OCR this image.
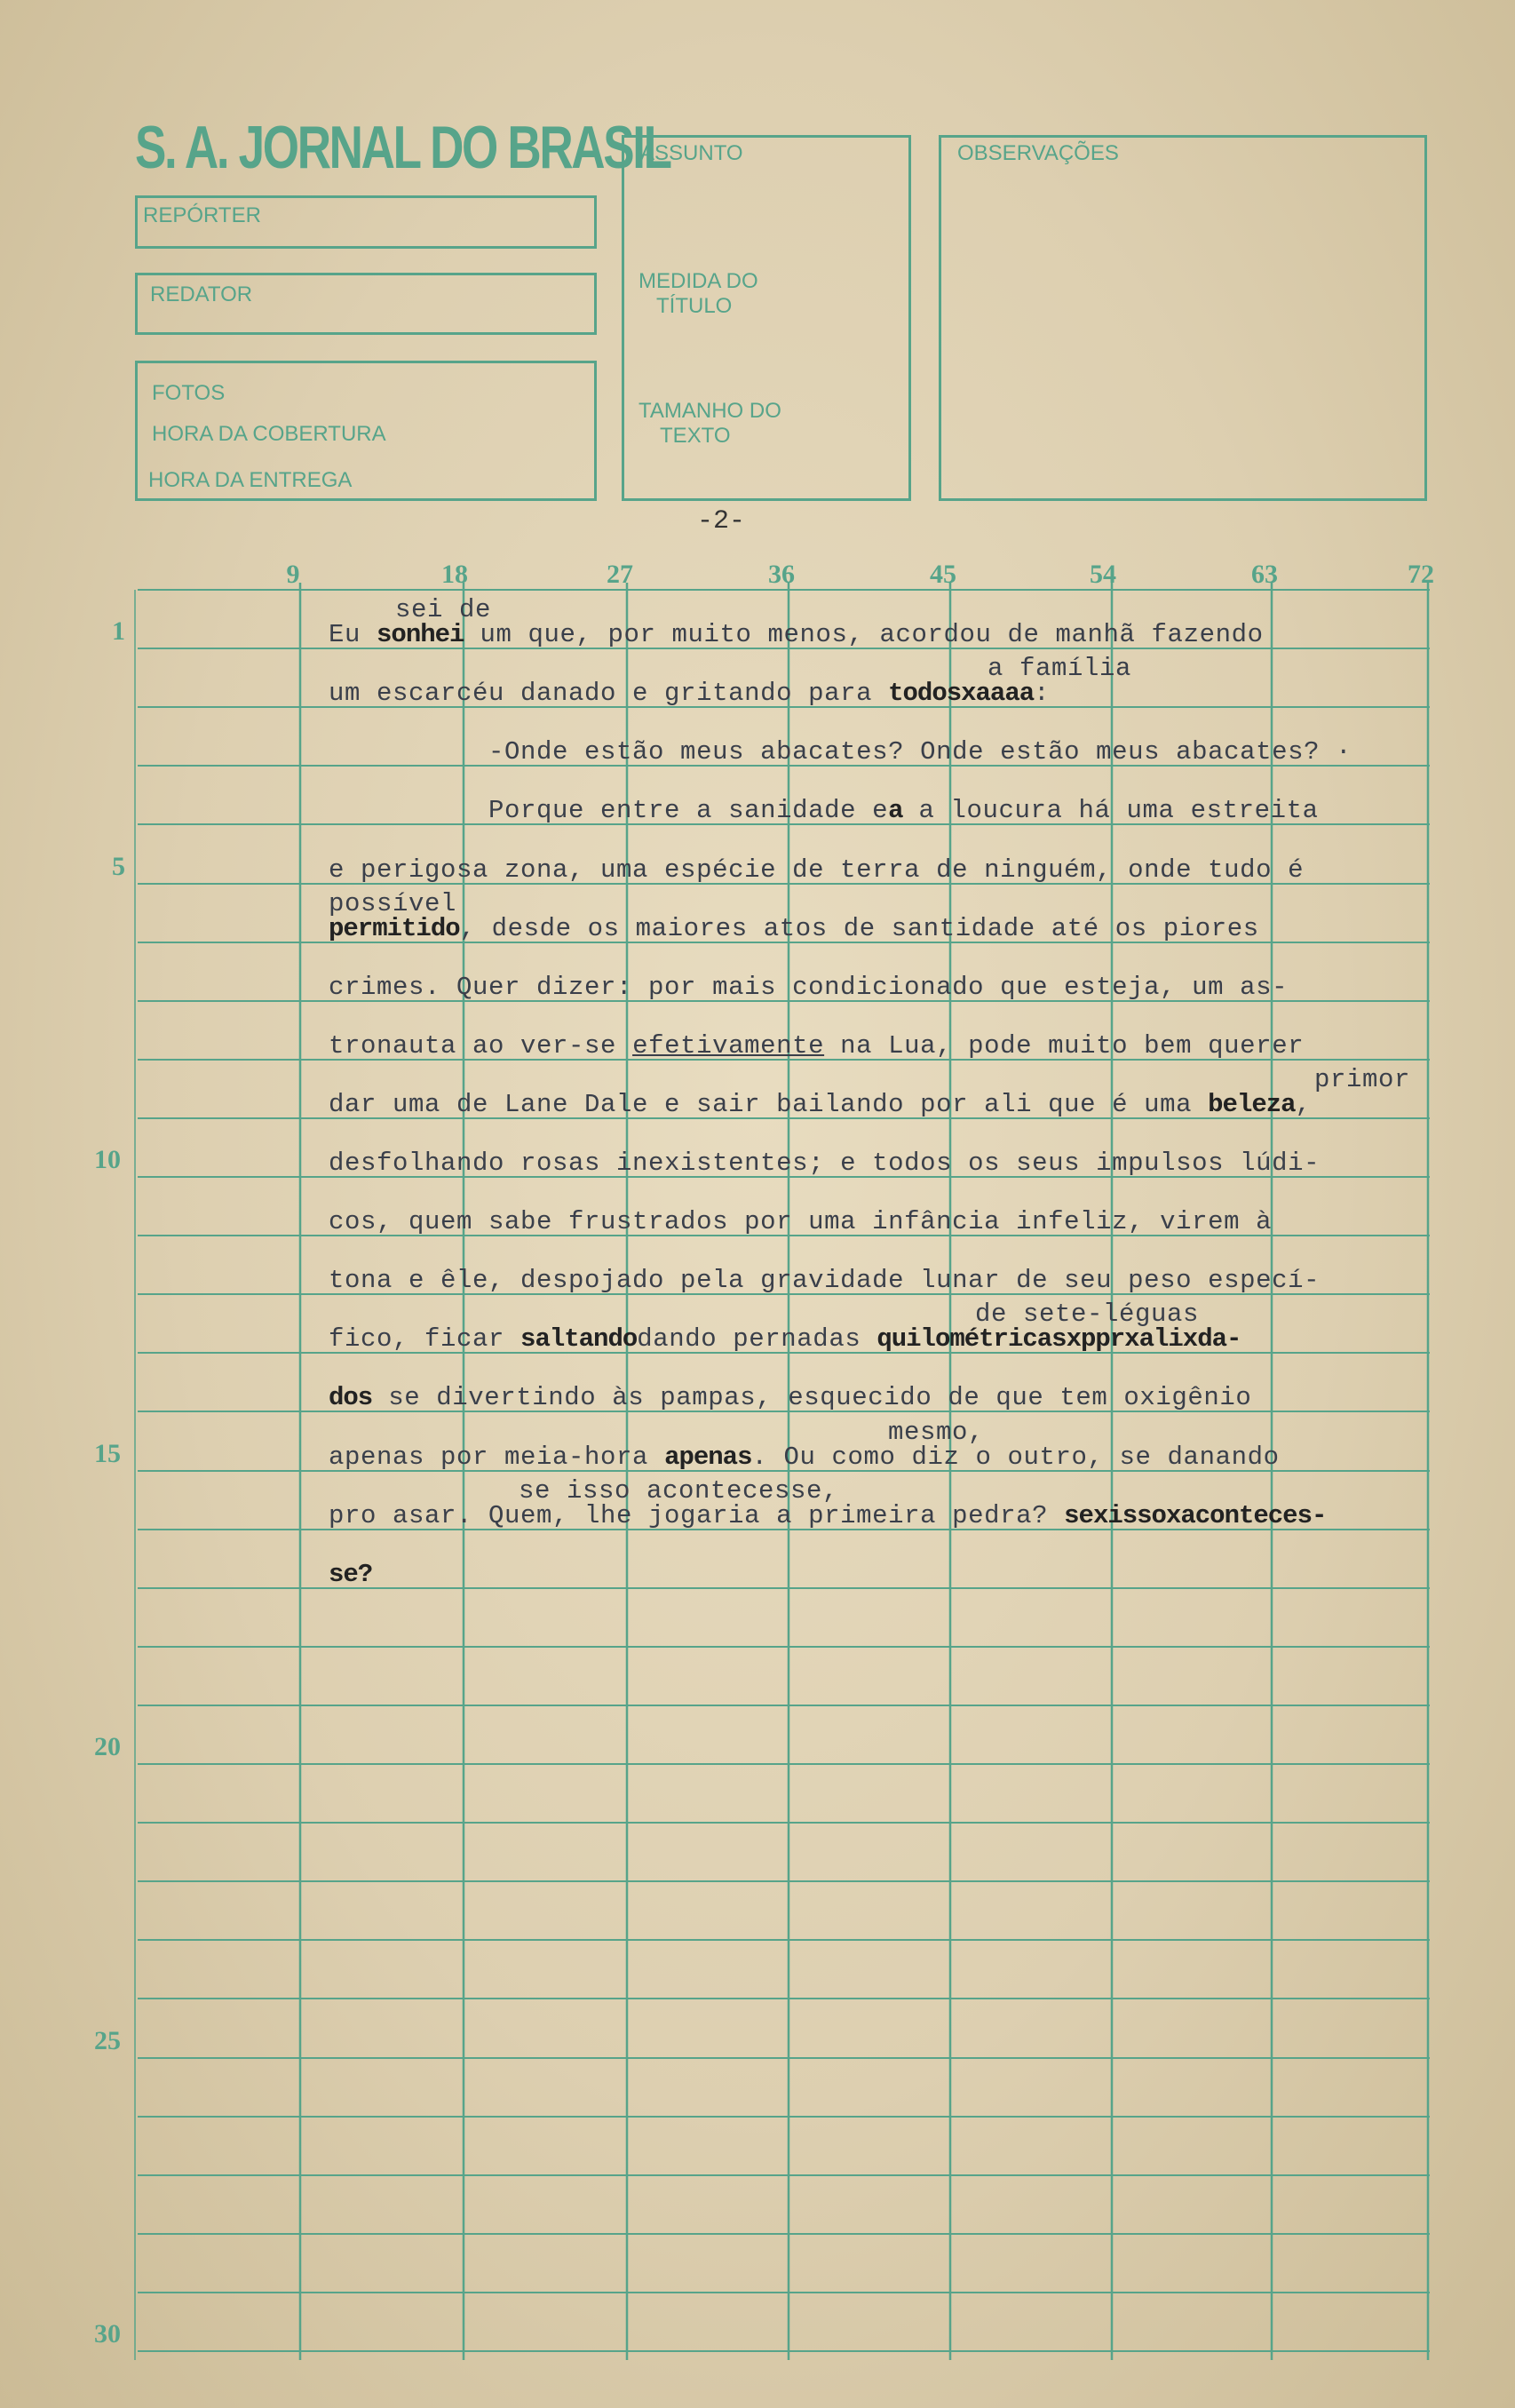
S. A. JORNAL DO BRASIL
REPÓRTER
REDATOR
FOTOS
HORA DA COBERTURA
HORA DA ENTREGA
ASSUNTO
MEDIDA DO
TÍTULO
TAMANHO DO
TEXTO
OBSERVAÇÕES
-2-
9	18	27	36	45	54	63	72
1
5
10
15
20
25
30
Eu sonhei um que, por muito menos, acordou de manhã fazendo
um escarcéu danado e gritando para todosxaaaa:
-Onde estão meus abacates? Onde estão meus abacates? ·
Porque entre a sanidade ea a loucura há uma estreita
e perigosa zona, uma espécie de terra de ninguém, onde tudo é
permitido, desde os maiores atos de santidade até os piores
crimes. Quer dizer: por mais condicionado que esteja, um as-
tronauta ao ver-se efetivamente na Lua, pode muito bem querer
dar uma de Lane Dale e sair bailando por ali que é uma beleza,
desfolhando rosas inexistentes; e todos os seus impulsos lúdi-
cos, quem sabe frustrados por uma infância infeliz, virem à
tona e êle, despojado pela gravidade lunar de seu peso especí-
fico, ficar saltandodando pernadas quilométricasxpprxalixda-
dos se divertindo às pampas, esquecido de que tem oxigênio
apenas por meia-hora apenas. Ou como diz o outro, se danando
pro asar. Quem, lhe jogaria a primeira pedra? sexissoxaconteces-
se?
sei de
a família
possível
primor
de sete-léguas
mesmo,
se isso acontecesse,
